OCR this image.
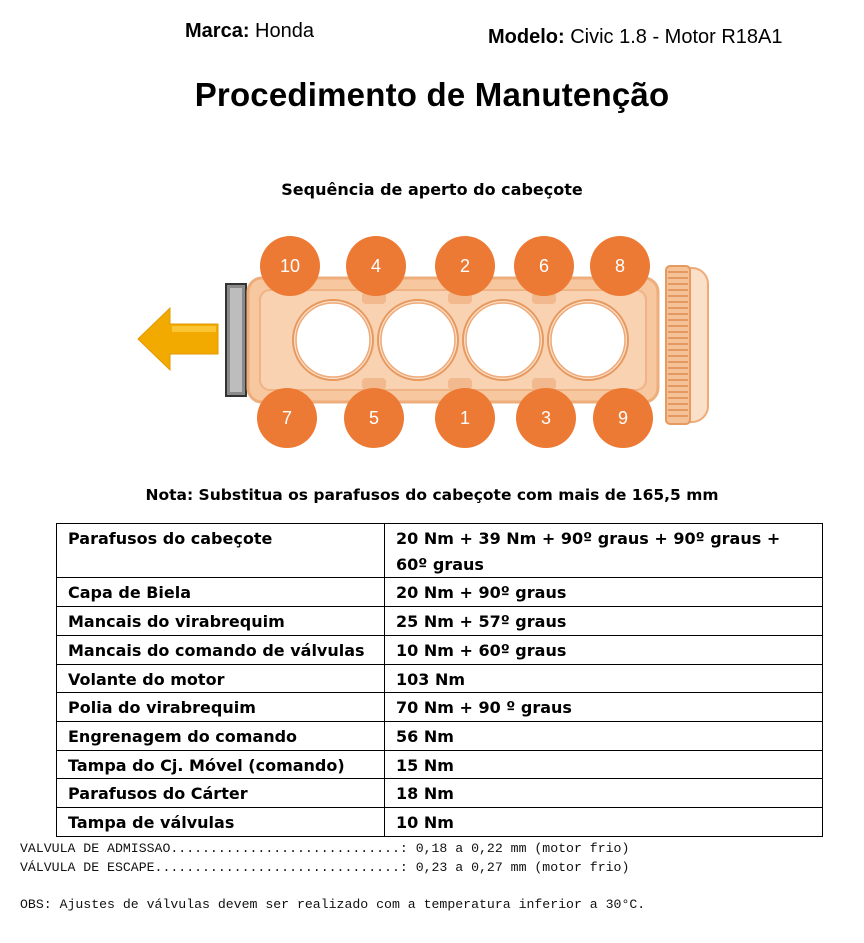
Marca: Honda	Modelo: Civic 1.8 - Motor R18A1
Procedimento de Manutenção
Sequência de aperto do cabeçote
10	4	2	6	8
7	5	1	3	9
Nota: Substitua os parafusos do cabeçote com mais de 165,5 mm
Parafusos do cabeçote	20 Nm + 39 Nm + 90º graus + 90º graus + 60º graus
Capa de Biela	20 Nm + 90º graus
Mancais do virabrequim	25 Nm + 57º graus
Mancais do comando de válvulas	10 Nm + 60º graus
Volante do motor	103 Nm
Polia do virabrequim	70 Nm + 90 º graus
Engrenagem do comando	56 Nm
Tampa do Cj. Móvel (comando)	15 Nm
Parafusos do Cárter	18 Nm
Tampa de válvulas	10 Nm
VALVULA DE ADMISSAO.............................: 0,18 a 0,22 mm (motor frio)
VÁLVULA DE ESCAPE...............................: 0,23 a 0,27 mm (motor frio)
OBS: Ajustes de válvulas devem ser realizado com a temperatura inferior a 30°C.
